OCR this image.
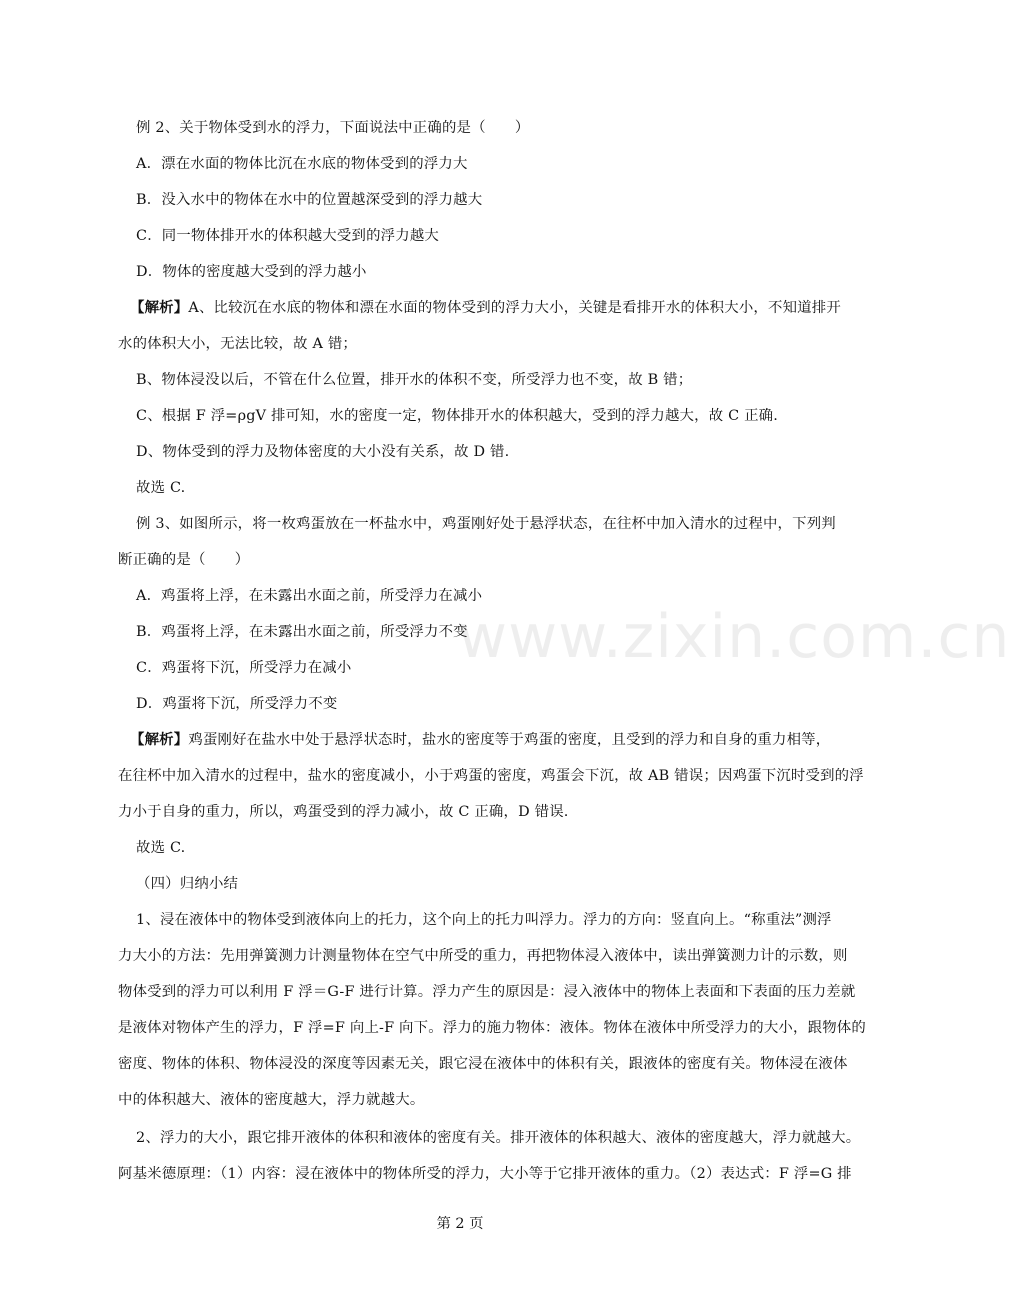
例 2、关于物体受到水的浮力，下面说法中正确的是（　　）
A．漂在水面的物体比沉在水底的物体受到的浮力大
B．没入水中的物体在水中的位置越深受到的浮力越大
C．同一物体排开水的体积越大受到的浮力越大
D．物体的密度越大受到的浮力越小
【解析】A、比较沉在水底的物体和漂在水面的物体受到的浮力大小，关键是看排开水的体积大小，不知道排开
水的体积大小，无法比较，故 A 错；
B、物体浸没以后，不管在什么位置，排开水的体积不变，所受浮力也不变，故 B 错；
C、根据 F 浮=ρgV 排可知，水的密度一定，物体排开水的体积越大，受到的浮力越大，故 C 正确.
D、物体受到的浮力及物体密度的大小没有关系，故 D 错.
故选 C.
例 3、如图所示，将一枚鸡蛋放在一杯盐水中，鸡蛋刚好处于悬浮状态，在往杯中加入清水的过程中，下列判
断正确的是（　　）
A．鸡蛋将上浮，在未露出水面之前，所受浮力在减小
B．鸡蛋将上浮，在未露出水面之前，所受浮力不变
C．鸡蛋将下沉，所受浮力在减小
D．鸡蛋将下沉，所受浮力不变
【解析】鸡蛋刚好在盐水中处于悬浮状态时，盐水的密度等于鸡蛋的密度，且受到的浮力和自身的重力相等，
在往杯中加入清水的过程中，盐水的密度减小，小于鸡蛋的密度，鸡蛋会下沉，故 AB 错误；因鸡蛋下沉时受到的浮
力小于自身的重力，所以，鸡蛋受到的浮力减小，故 C 正确，D 错误.
故选 C.
（四）归纳小结
1、浸在液体中的物体受到液体向上的托力，这个向上的托力叫浮力。浮力的方向：竖直向上。“称重法”测浮
力大小的方法：先用弹簧测力计测量物体在空气中所受的重力，再把物体浸入液体中，读出弹簧测力计的示数，则
物体受到的浮力可以利用 F 浮＝G-F 进行计算。浮力产生的原因是：浸入液体中的物体上表面和下表面的压力差就
是液体对物体产生的浮力，F 浮=F 向上-F 向下。浮力的施力物体：液体。物体在液体中所受浮力的大小，跟物体的
密度、物体的体积、物体浸没的深度等因素无关，跟它浸在液体中的体积有关，跟液体的密度有关。物体浸在液体
中的体积越大、液体的密度越大，浮力就越大。
2、浮力的大小，跟它排开液体的体积和液体的密度有关。排开液体的体积越大、液体的密度越大，浮力就越大。
阿基米德原理：（1）内容：浸在液体中的物体所受的浮力，大小等于它排开液体的重力。（2）表达式：F 浮=G 排
www.zixin.com.cn
第 2 页
